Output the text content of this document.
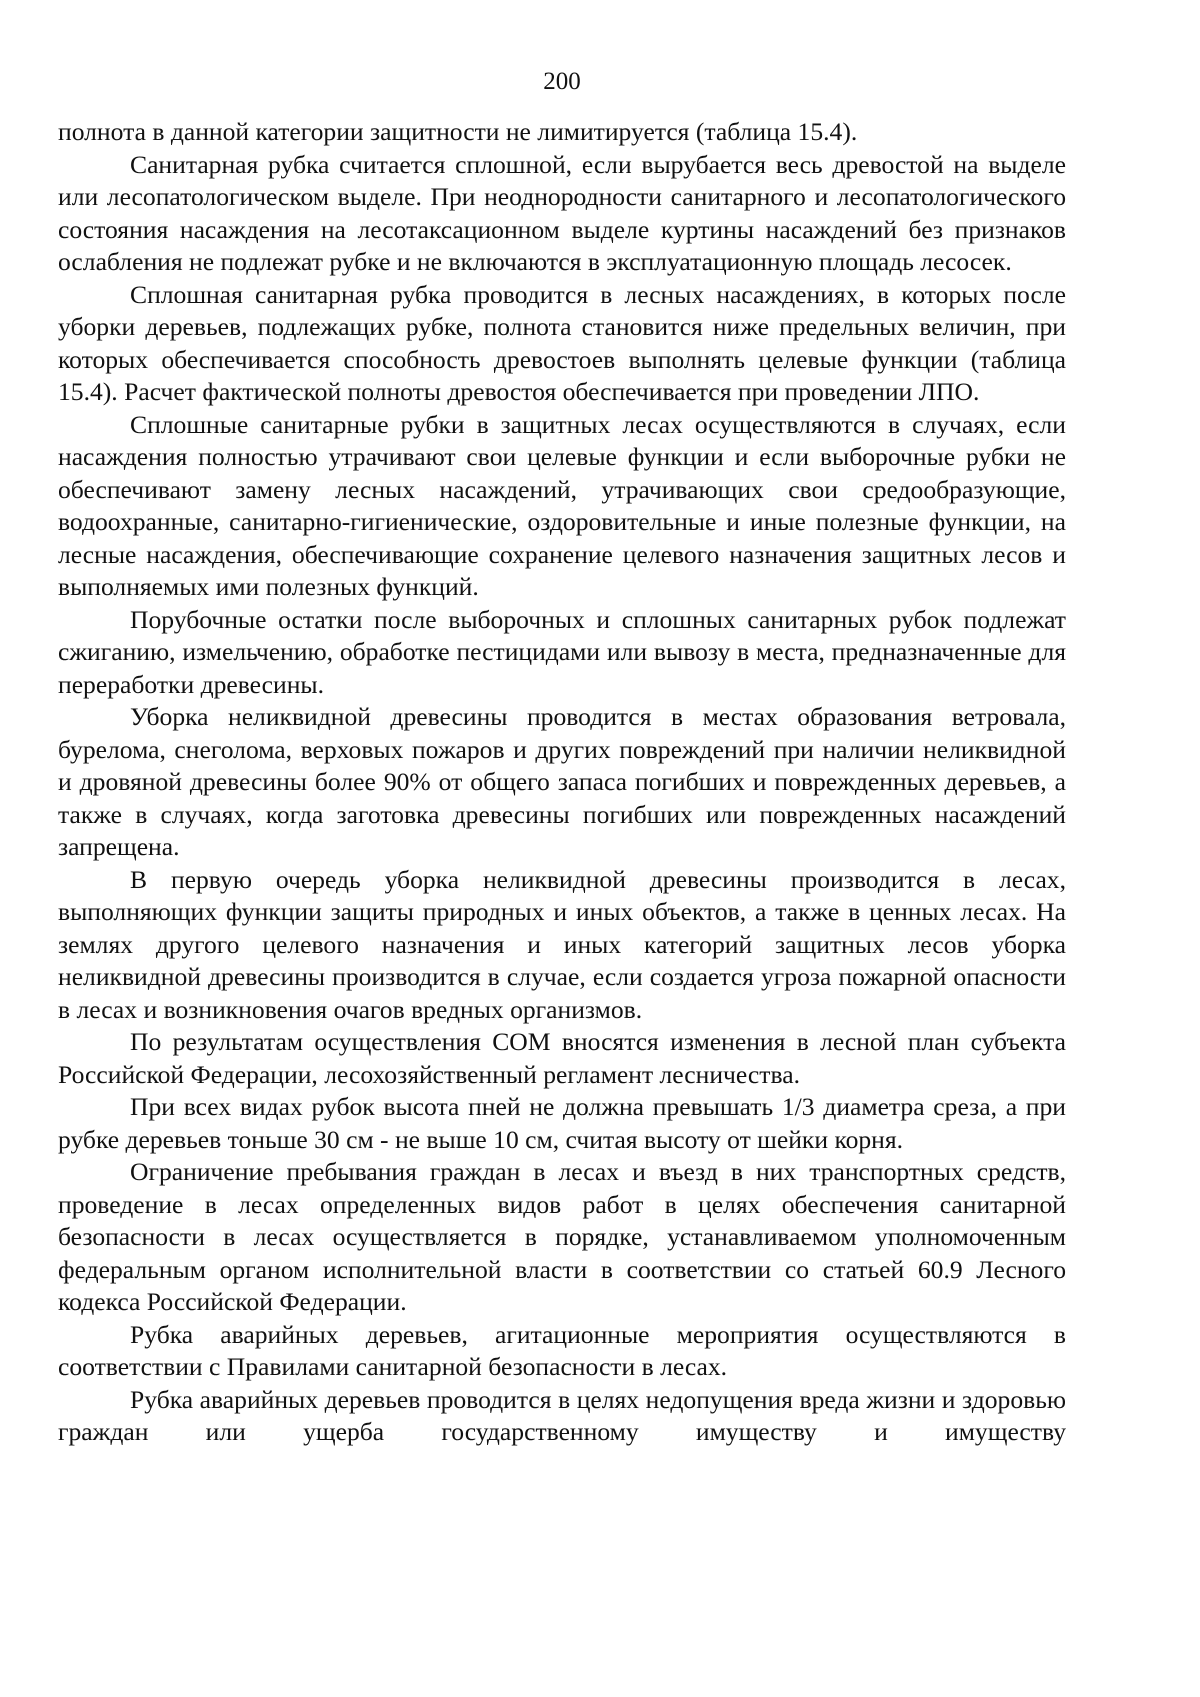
200

полнота в данной категории защитности не лимитируется (таблица 15.4).

Санитарная рубка считается сплошной, если вырубается весь древостой на выделе или лесопатологическом выделе. При неоднородности санитарного и лесопатологического состояния насаждения на лесотаксационном выделе куртины насаждений без признаков ослабления не подлежат рубке и не включаются в эксплуатационную площадь лесосек.

Сплошная санитарная рубка проводится в лесных насаждениях, в которых после уборки деревьев, подлежащих рубке, полнота становится ниже предельных величин, при которых обеспечивается способность древостоев выполнять целевые функции (таблица 15.4). Расчет фактической полноты древостоя обеспечивается при проведении ЛПО.

Сплошные санитарные рубки в защитных лесах осуществляются в случаях, если насаждения полностью утрачивают свои целевые функции и если выборочные рубки не обеспечивают замену лесных насаждений, утрачивающих свои средообразующие, водоохранные, санитарно-гигиенические, оздоровительные и иные полезные функции, на лесные насаждения, обеспечивающие сохранение целевого назначения защитных лесов и выполняемых ими полезных функций.

Порубочные остатки после выборочных и сплошных санитарных рубок подлежат сжиганию, измельчению, обработке пестицидами или вывозу в места, предназначенные для переработки древесины.

Уборка неликвидной древесины проводится в местах образования ветровала, бурелома, снеголома, верховых пожаров и других повреждений при наличии неликвидной и дровяной древесины более 90% от общего запаса погибших и поврежденных деревьев, а также в случаях, когда заготовка древесины погибших или поврежденных насаждений запрещена.

В первую очередь уборка неликвидной древесины производится в лесах, выполняющих функции защиты природных и иных объектов, а также в ценных лесах. На землях другого целевого назначения и иных категорий защитных лесов уборка неликвидной древесины производится в случае, если создается угроза пожарной опасности в лесах и возникновения очагов вредных организмов.

По результатам осуществления СОМ вносятся изменения в лесной план субъекта Российской Федерации, лесохозяйственный регламент лесничества.

При всех видах рубок высота пней не должна превышать 1/3 диаметра среза, а при рубке деревьев тоньше 30 см - не выше 10 см, считая высоту от шейки корня.

Ограничение пребывания граждан в лесах и въезд в них транспортных средств, проведение в лесах определенных видов работ в целях обеспечения санитарной безопасности в лесах осуществляется в порядке, устанавливаемом уполномоченным федеральным органом исполнительной власти в соответствии со статьей 60.9 Лесного кодекса Российской Федерации.

Рубка аварийных деревьев, агитационные мероприятия осуществляются в соответствии с Правилами санитарной безопасности в лесах.

Рубка аварийных деревьев проводится в целях недопущения вреда жизни и здоровью граждан или ущерба государственному имуществу и имуществу
